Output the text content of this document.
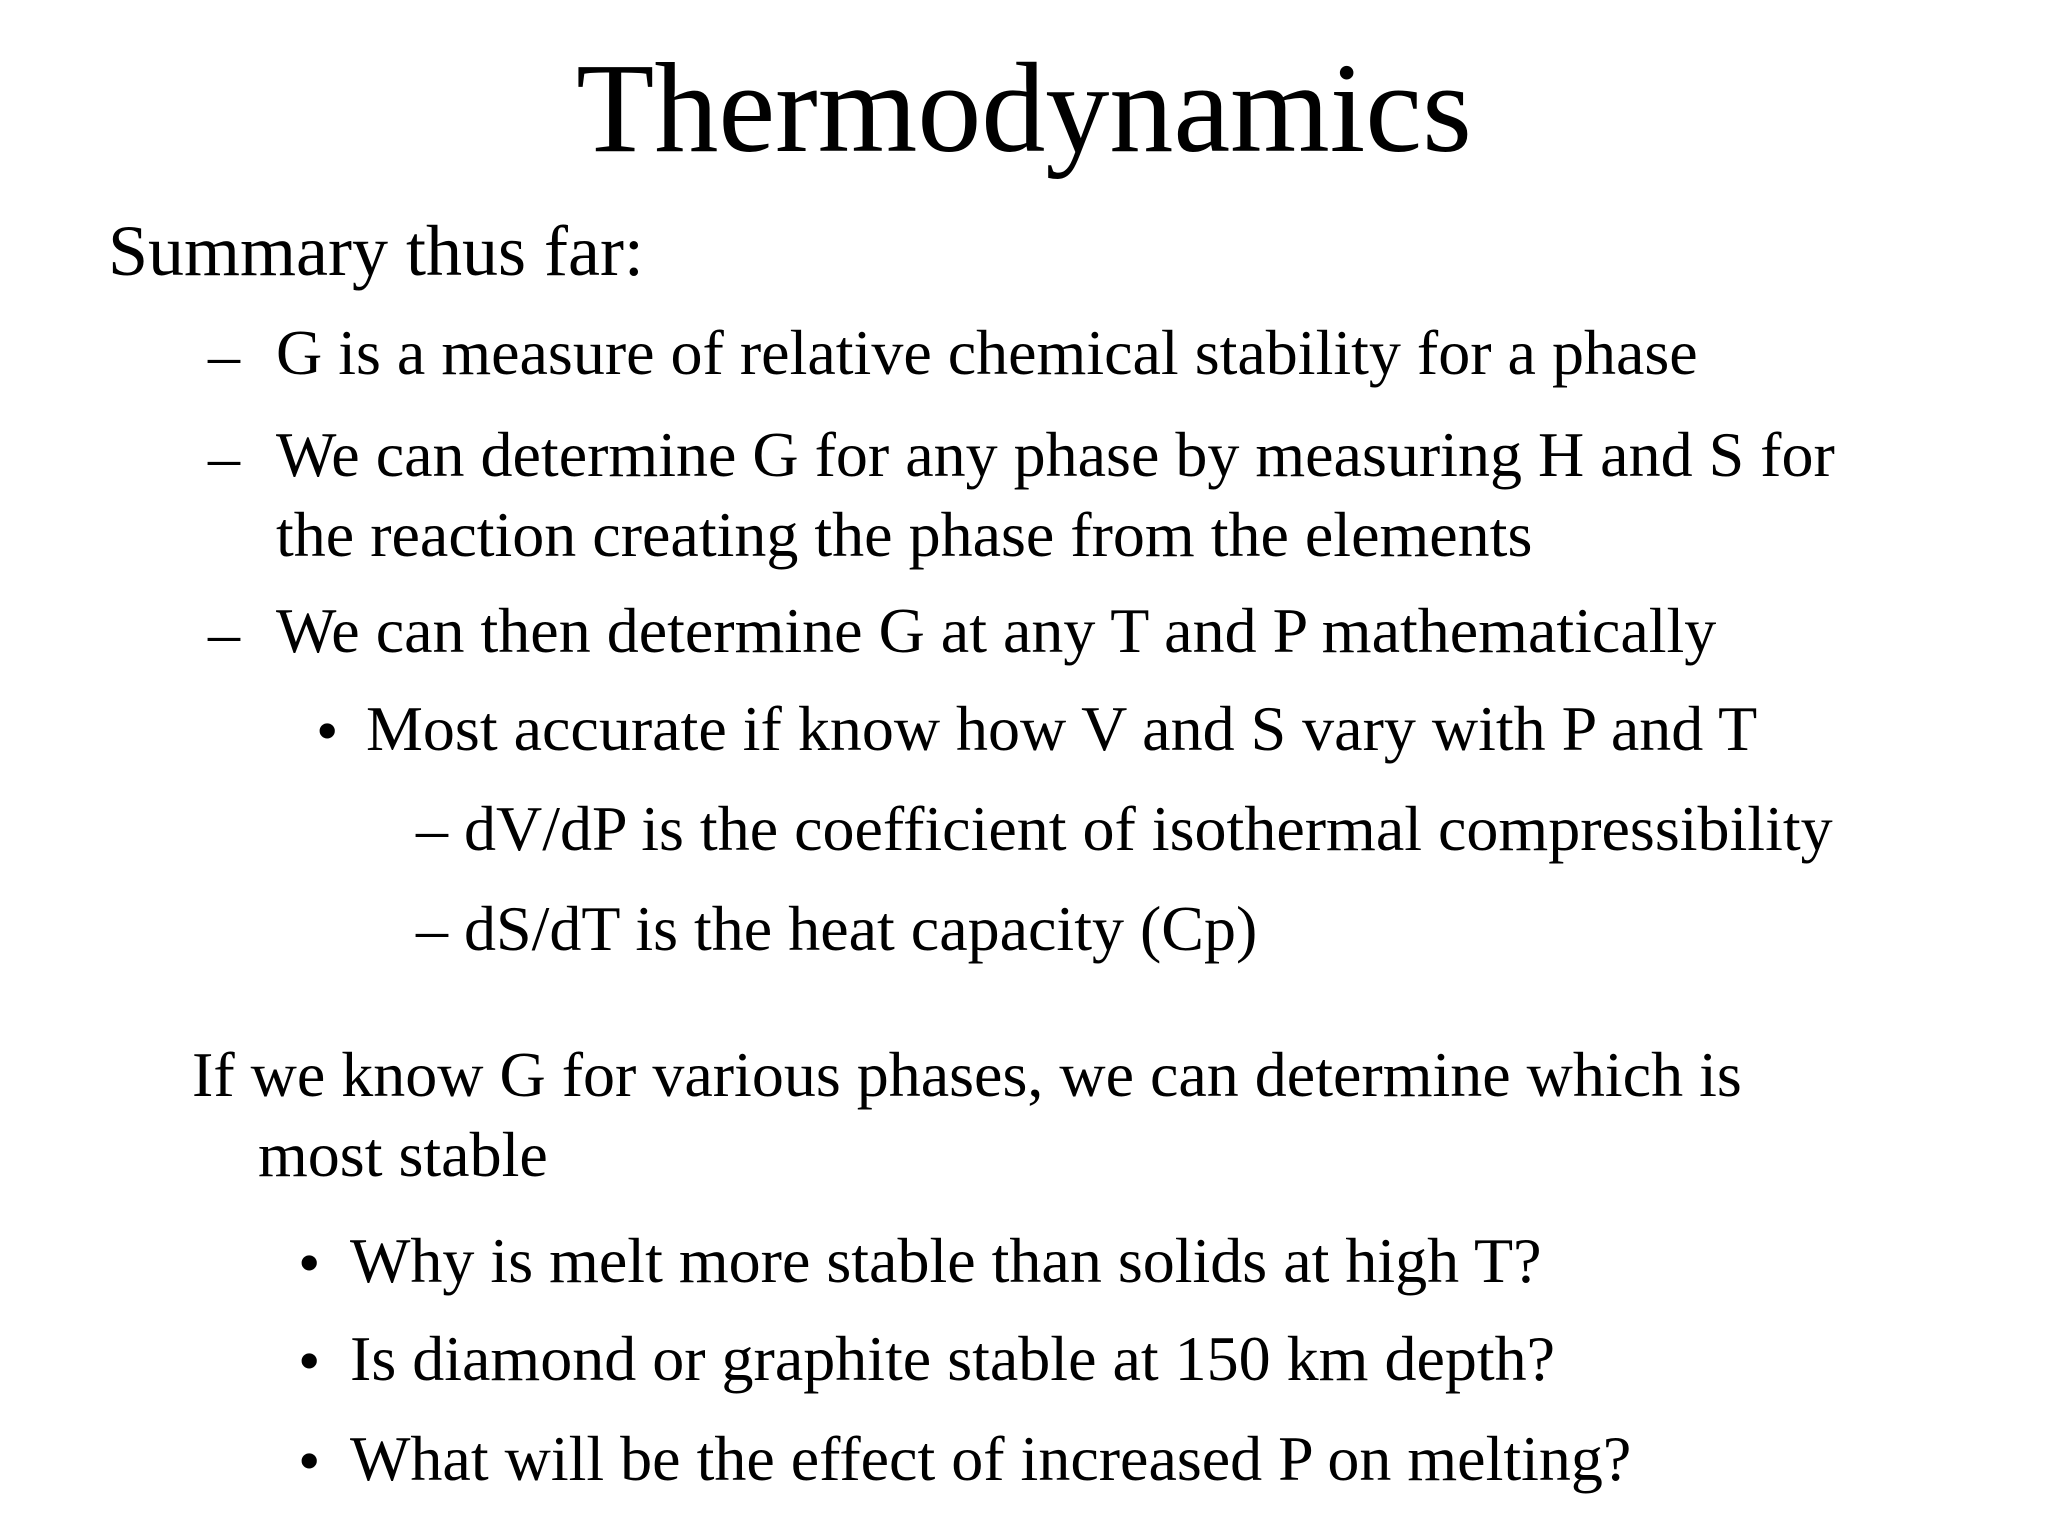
Thermodynamics
Summary thus far:
– G is a measure of relative chemical stability for a phase
– We can determine G for any phase by measuring H and S for
the reaction creating the phase from the elements
– We can then determine G at any T and P mathematically
• Most accurate if know how V and S vary with P and T
– dV/dP is the coefficient of isothermal compressibility
– dS/dT is the heat capacity (Cp)
If we know G for various phases, we can determine which is
most stable
• Why is melt more stable than solids at high T?
• Is diamond or graphite stable at 150 km depth?
• What will be the effect of increased P on melting?
